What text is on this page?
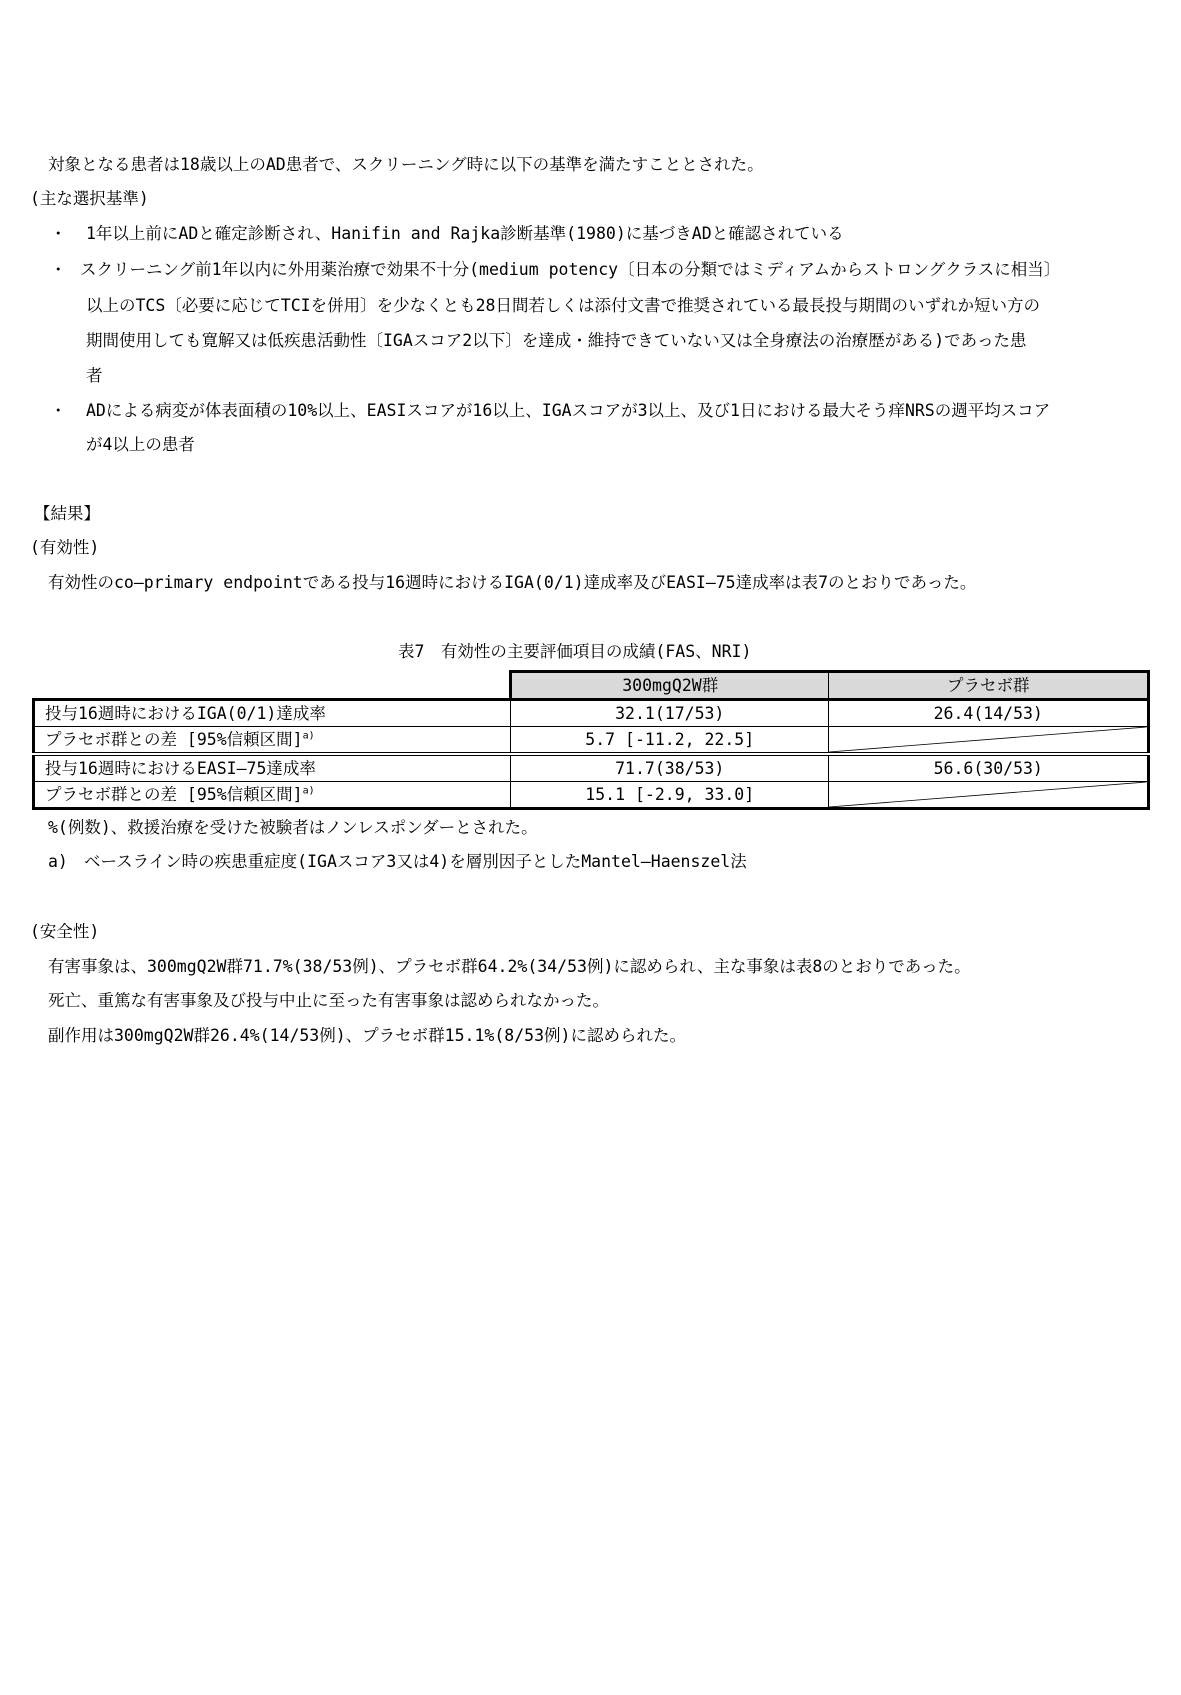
対象となる患者は18歳以上のAD患者で、スクリーニング時に以下の基準を満たすこととされた。
(主な選択基準)
・ 1年以上前にADと確定診断され、Hanifin and Rajka診断基準(1980)に基づきADと確認されている
・ スクリーニング前1年以内に外用薬治療で効果不十分(medium potency〔日本の分類ではミディアムからストロングクラスに相当〕
以上のTCS〔必要に応じてTCIを併用〕を少なくとも28日間若しくは添付文書で推奨されている最長投与期間のいずれか短い方の
期間使用しても寛解又は低疾患活動性〔IGAスコア2以下〕を達成・維持できていない又は全身療法の治療歴がある)であった患
者
・ ADによる病変が体表面積の10%以上、EASIスコアが16以上、IGAスコアが3以上、及び1日における最大そう痒NRSの週平均スコア
が4以上の患者
【結果】
(有効性)
有効性のco―primary endpointである投与16週時におけるIGA(0/1)達成率及びEASI―75達成率は表7のとおりであった。
表7　有効性の主要評価項目の成績(FAS、NRI)
	300mgQ2W群	プラセボ群
投与16週時におけるIGA(0/1)達成率	32.1(17/53)	26.4(14/53)
プラセボ群との差 [95%信頼区間]$^{a)}$	5.7 [-11.2, 22.5]	

投与16週時におけるEASI―75達成率	71.7(38/53)	56.6(30/53)
プラセボ群との差 [95%信頼区間]$^{a)}$	15.1 [-2.9, 33.0]	
%(例数)、救援治療を受けた被験者はノンレスポンダーとされた。
a) ベースライン時の疾患重症度(IGAスコア3又は4)を層別因子としたMantel―Haenszel法
(安全性)
有害事象は、300mgQ2W群71.7%(38/53例)、プラセボ群64.2%(34/53例)に認められ、主な事象は表8のとおりであった。
死亡、重篤な有害事象及び投与中止に至った有害事象は認められなかった。
副作用は300mgQ2W群26.4%(14/53例)、プラセボ群15.1%(8/53例)に認められた。
